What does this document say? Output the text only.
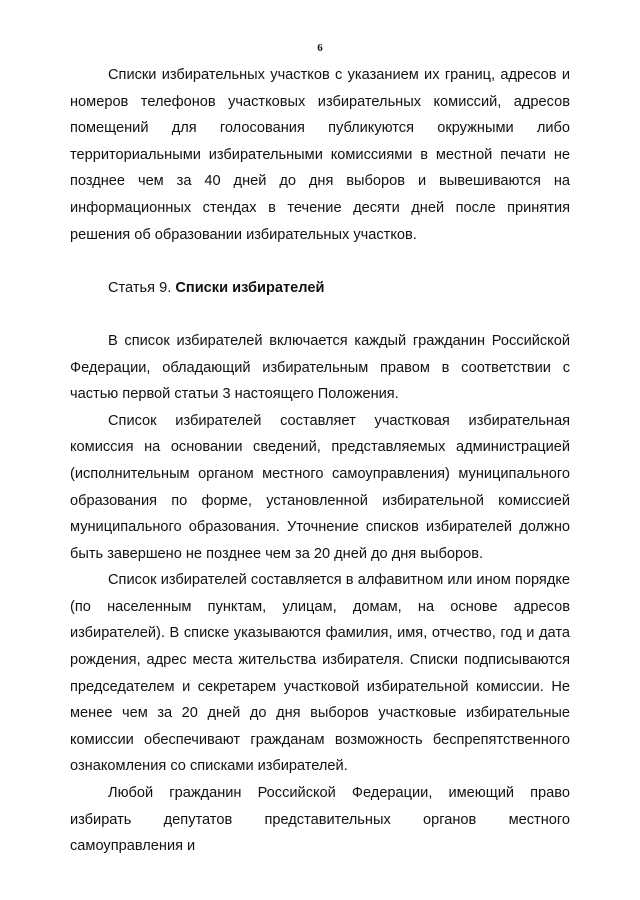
6

Списки избирательных участков с указанием их границ, адресов и номеров телефонов участковых избирательных комиссий, адресов помещений для голосования публикуются окружными либо территориальными избирательными комиссиями в местной печати не позднее чем за 40 дней до дня выборов и вывешиваются на информационных стендах в течение десяти дней после принятия решения об образовании избирательных участков.

Статья 9. Списки избирателей

В список избирателей включается каждый гражданин Российской Федерации, обладающий избирательным правом в соответствии с частью первой статьи 3 настоящего Положения.

Список избирателей составляет участковая избирательная комиссия на основании сведений, представляемых администрацией (исполнительным органом местного самоуправления) муниципального образования по форме, установленной избирательной комиссией муниципального образования. Уточнение списков избирателей должно быть завершено не позднее чем за 20 дней до дня выборов.

Список избирателей составляется в алфавитном или ином порядке (по населенным пунктам, улицам, домам, на основе адресов избирателей). В списке указываются фамилия, имя, отчество, год и дата рождения, адрес места жительства избирателя. Списки подписываются председателем и секретарем участковой избирательной комиссии. Не менее чем за 20 дней до дня выборов участковые избирательные комиссии обеспечивают гражданам возможность беспрепятственного ознакомления со списками избирателей.

Любой гражданин Российской Федерации, имеющий право избирать депутатов представительных органов местного самоуправления и
